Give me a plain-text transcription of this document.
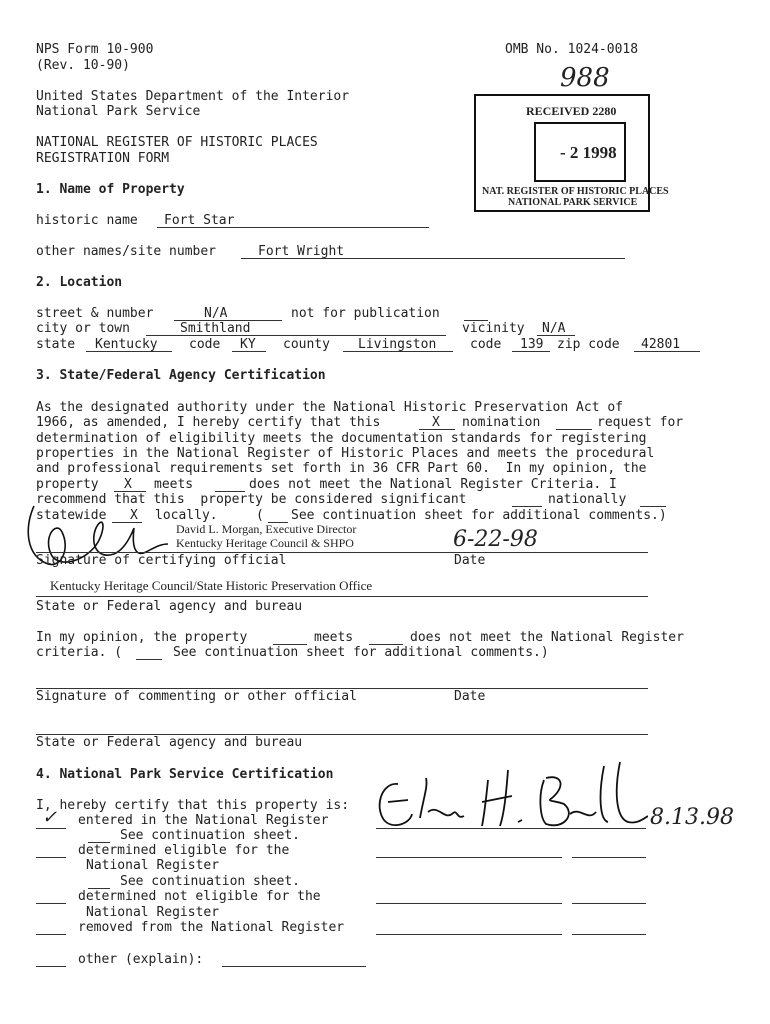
NPS Form 10-900
(Rev. 10-90)
OMB No. 1024-0018
United States Department of the Interior
National Park Service
NATIONAL REGISTER OF HISTORIC PLACES
REGISTRATION FORM
988
RECEIVED 2280
- 2 1998
NAT. REGISTER OF HISTORIC PLACES
NATIONAL PARK SERVICE
1. Name of Property
historic name Fort Star
other names/site number	Fort Wright
2. Location
street & number	N/A	not for publication
city or town	Smithland	vicinity N/A
state Kentucky code KY county Livingston	code 139 zip code 42801
3. State/Federal Agency Certification
As the designated authority under the National Historic Preservation Act of
1966, as amended, I hereby certify that this	X nomination	request for
determination of eligibility meets the documentation standards for registering
properties in the National Register of Historic Places and meets the procedural
and professional requirements set forth in 36 CFR Part 60.  In my opinion, the
property X meets	does not meet the National Register Criteria. I
recommend that this  property be considered significant	nationally
statewide X locally.	( See continuation sheet for additional comments.)
David L. Morgan, Executive Director
Kentucky Heritage Council & SHPO	6-22-98
Signature of certifying official	Date
Kentucky Heritage Council/State Historic Preservation Office
State or Federal agency and bureau
In my opinion, the property	meets	does not meet the National Register
criteria. (	See continuation sheet for additional comments.)
Signature of commenting or other official	Date
State or Federal agency and bureau
4. National Park Service Certification
I, hereby certify that this property is:	8.13.98
✓ entered in the National Register
See continuation sheet.
determined eligible for the
National Register
See continuation sheet.
determined not eligible for the
National Register
removed from the National Register
other (explain):
